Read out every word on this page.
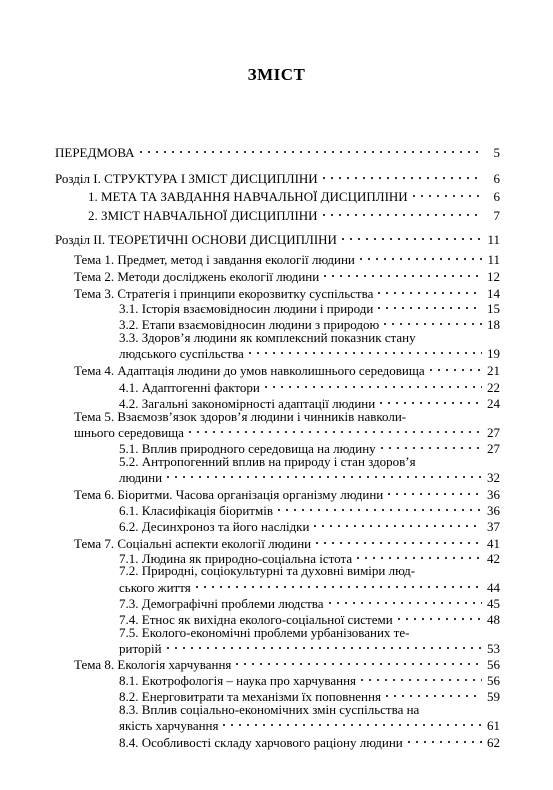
ЗМІСТ
ПЕРЕДМОВА	5
Розділ І. СТРУКТУРА І ЗМІСТ ДИСЦИПЛІНИ	6
1. МЕТА ТА ЗАВДАННЯ НАВЧАЛЬНОЇ ДИСЦИПЛІНИ	6
2. ЗМІСТ НАВЧАЛЬНОЇ ДИСЦИПЛІНИ	7
Розділ ІІ. ТЕОРЕТИЧНІ ОСНОВИ ДИСЦИПЛІНИ	11
Тема 1. Предмет, метод і завдання екології людини	11
Тема 2. Методи досліджень екології людини	12
Тема 3. Стратегія і принципи екорозвитку суспільства	14
3.1. Історія взаємовідносин людини і природи	15
3.2. Етапи взаємовідносин людини з природою	18
3.3. Здоров’я людини як комплексний показник стану
людського суспільства	19
Тема 4. Адаптація людини до умов навколишнього середовища	21
4.1. Адаптогенні фактори	22
4.2. Загальні закономірності адаптації людини	24
Тема 5. Взаємозв’язок здоров’я людини і чинників навколи-
шнього середовища	27
5.1. Вплив природного середовища на людину	27
5.2. Антропогенний вплив на природу і стан здоров’я
людини	32
Тема 6. Біоритми. Часова організація організму людини	36
6.1. Класифікація біоритмів	36
6.2. Десинхроноз та його наслідки	37
Тема 7. Соціальні аспекти екології людини	41
7.1. Людина як природно-соціальна істота	42
7.2. Природні, соціокультурні та духовні виміри люд-
ського життя	44
7.3. Демографічні проблеми людства	45
7.4. Етнос як вихідна еколого-соціальної системи	48
7.5. Еколого-економічні проблеми урбанізованих те-
риторій	53
Тема 8. Екологія харчування	56
8.1. Екотрофологія – наука про харчування	56
8.2. Енерговитрати та механізми їх поповнення	59
8.3. Вплив соціально-економічних змін суспільства на
якість харчування	61
8.4. Особливості складу харчового раціону людини	62
